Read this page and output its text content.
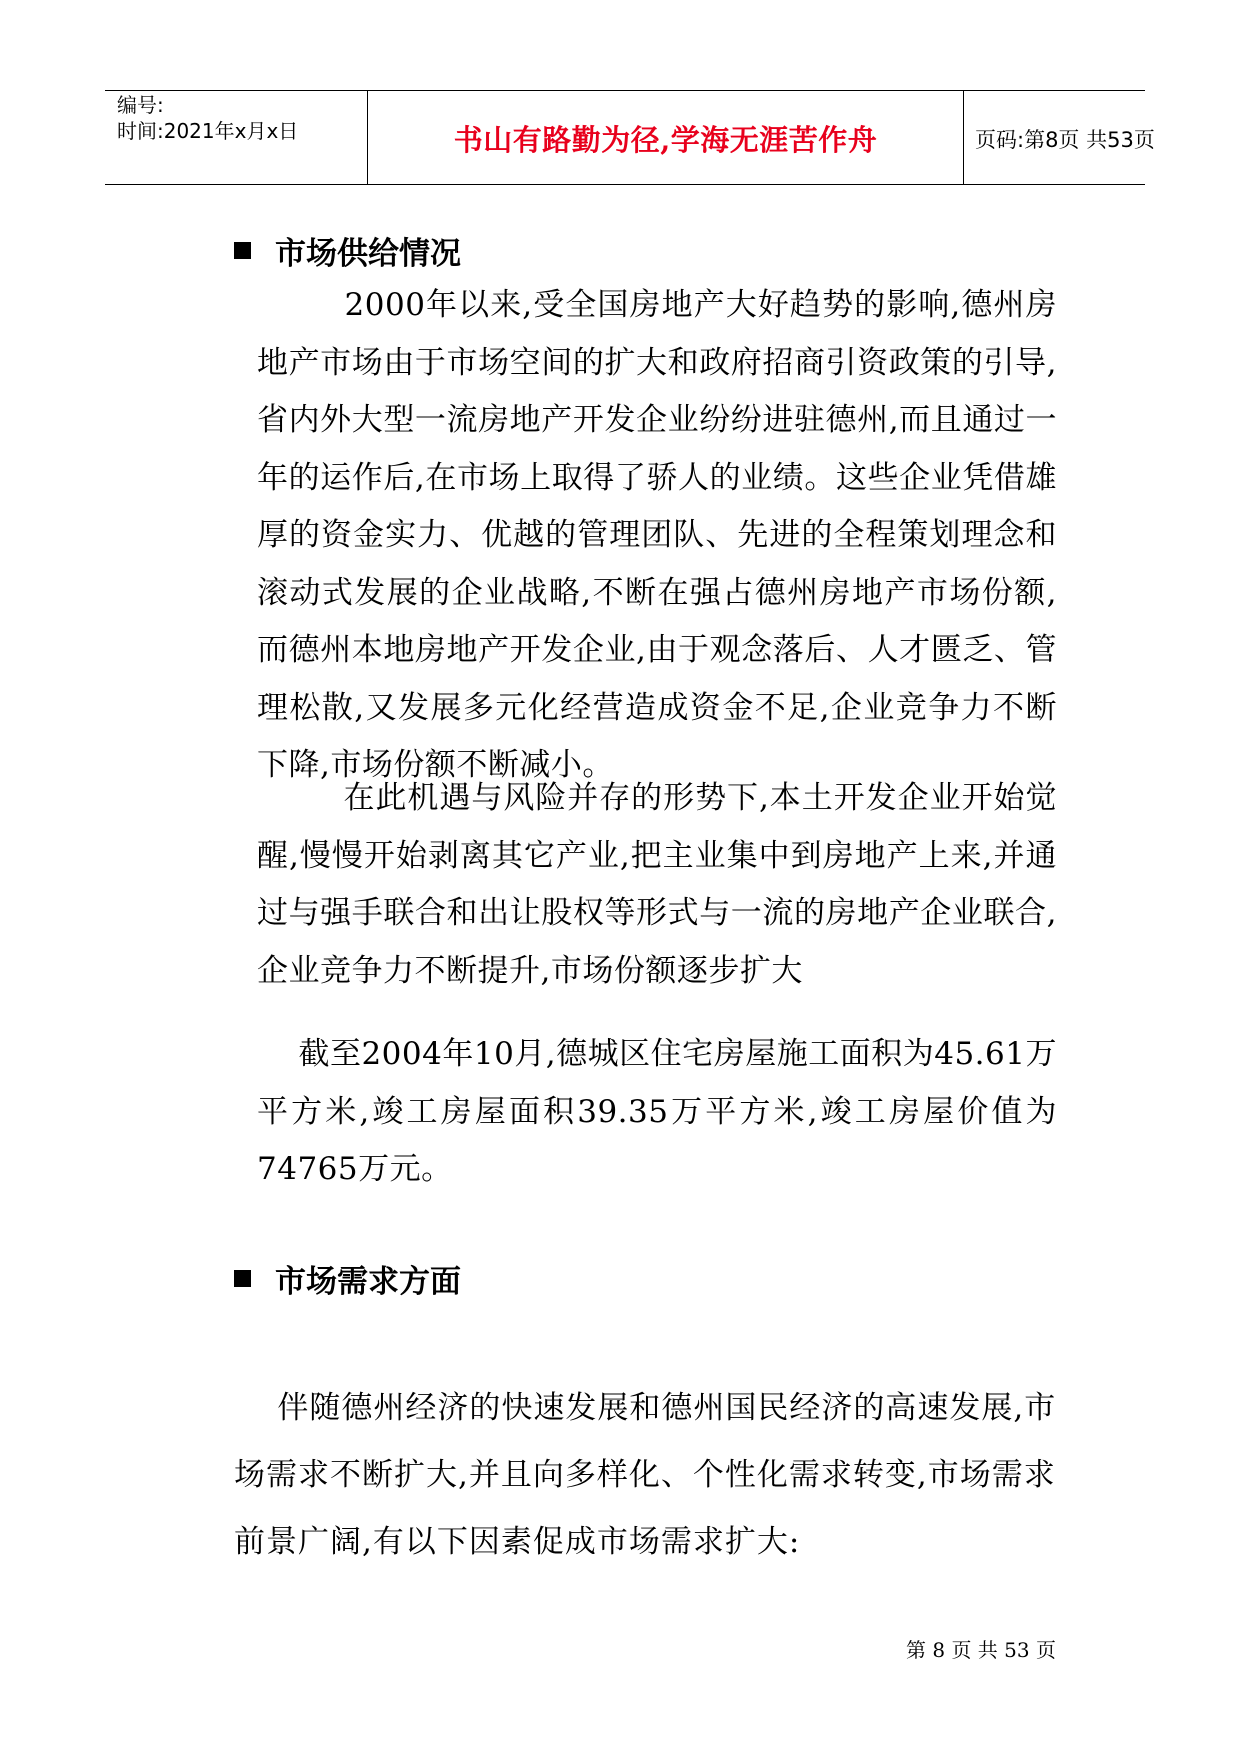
编号:
时间:2021年x月x日	书山有路勤为径,学海无涯苦作舟	页码:第8页 共53页
市场供给情况
2000年以来,受全国房地产大好趋势的影响,德州房地产市场由于市场空间的扩大和政府招商引资政策的引导,省内外大型一流房地产开发企业纷纷进驻德州,而且通过一年的运作后,在市场上取得了骄人的业绩。这些企业凭借雄厚的资金实力、优越的管理团队、先进的全程策划理念和滚动式发展的企业战略,不断在强占德州房地产市场份额,而德州本地房地产开发企业,由于观念落后、人才匮乏、管理松散,又发展多元化经营造成资金不足,企业竞争力不断下降,市场份额不断减小。
在此机遇与风险并存的形势下,本土开发企业开始觉醒,慢慢开始剥离其它产业,把主业集中到房地产上来,并通过与强手联合和出让股权等形式与一流的房地产企业联合,企业竞争力不断提升,市场份额逐步扩大
截至2004年10月,德城区住宅房屋施工面积为45.61万平方米,竣工房屋面积39.35万平方米,竣工房屋价值为74765万元。
市场需求方面
伴随德州经济的快速发展和德州国民经济的高速发展,市场需求不断扩大,并且向多样化、个性化需求转变,市场需求前景广阔,有以下因素促成市场需求扩大:
第 8 页 共 53 页
